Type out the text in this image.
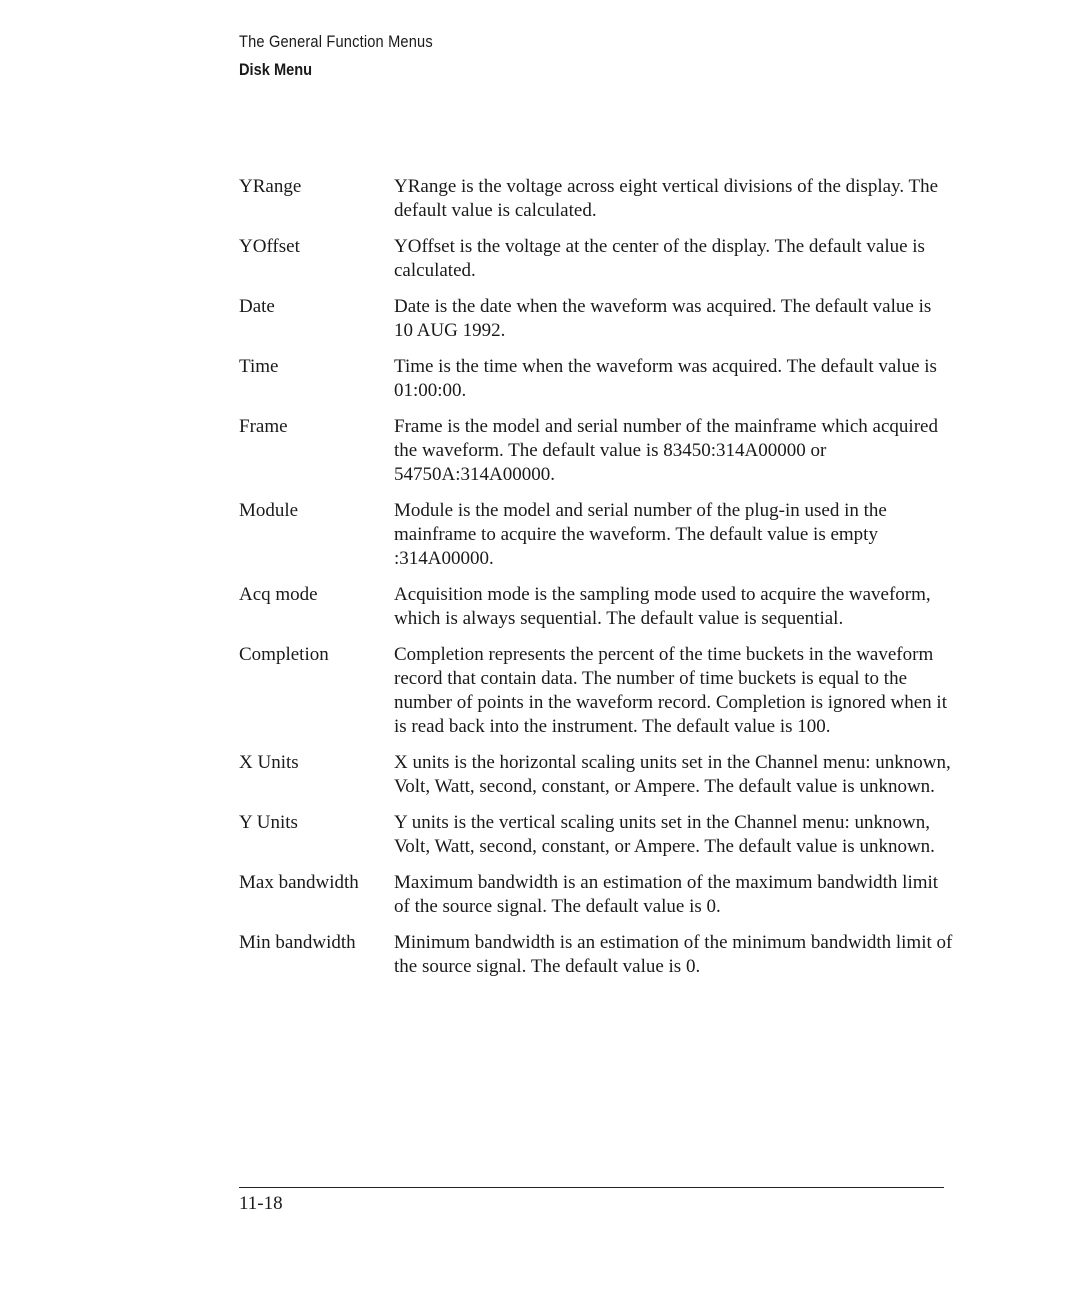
The General Function Menus
Disk Menu
YRange	YRange is the voltage across eight vertical divisions of the display. The default value is calculated.
YOffset	YOffset is the voltage at the center of the display. The default value is calculated.
Date	Date is the date when the waveform was acquired. The default value is 10 AUG 1992.
Time	Time is the time when the waveform was acquired. The default value is 01:00:00.
Frame	Frame is the model and serial number of the mainframe which acquired the waveform. The default value is 83450:314A00000 or 54750A:314A00000.
Module	Module is the model and serial number of the plug-in used in the mainframe to acquire the waveform. The default value is empty :314A00000.
Acq mode	Acquisition mode is the sampling mode used to acquire the waveform, which is always sequential. The default value is sequential.
Completion	Completion represents the percent of the time buckets in the waveform record that contain data. The number of time buckets is equal to the number of points in the waveform record. Completion is ignored when it is read back into the instrument. The default value is 100.
X Units	X units is the horizontal scaling units set in the Channel menu: unknown, Volt, Watt, second, constant, or Ampere. The default value is unknown.
Y Units	Y units is the vertical scaling units set in the Channel menu: unknown, Volt, Watt, second, constant, or Ampere. The default value is unknown.
Max bandwidth	Maximum bandwidth is an estimation of the maximum bandwidth limit of the source signal. The default value is 0.
Min bandwidth	Minimum bandwidth is an estimation of the minimum bandwidth limit of the source signal. The default value is 0.
11-18
